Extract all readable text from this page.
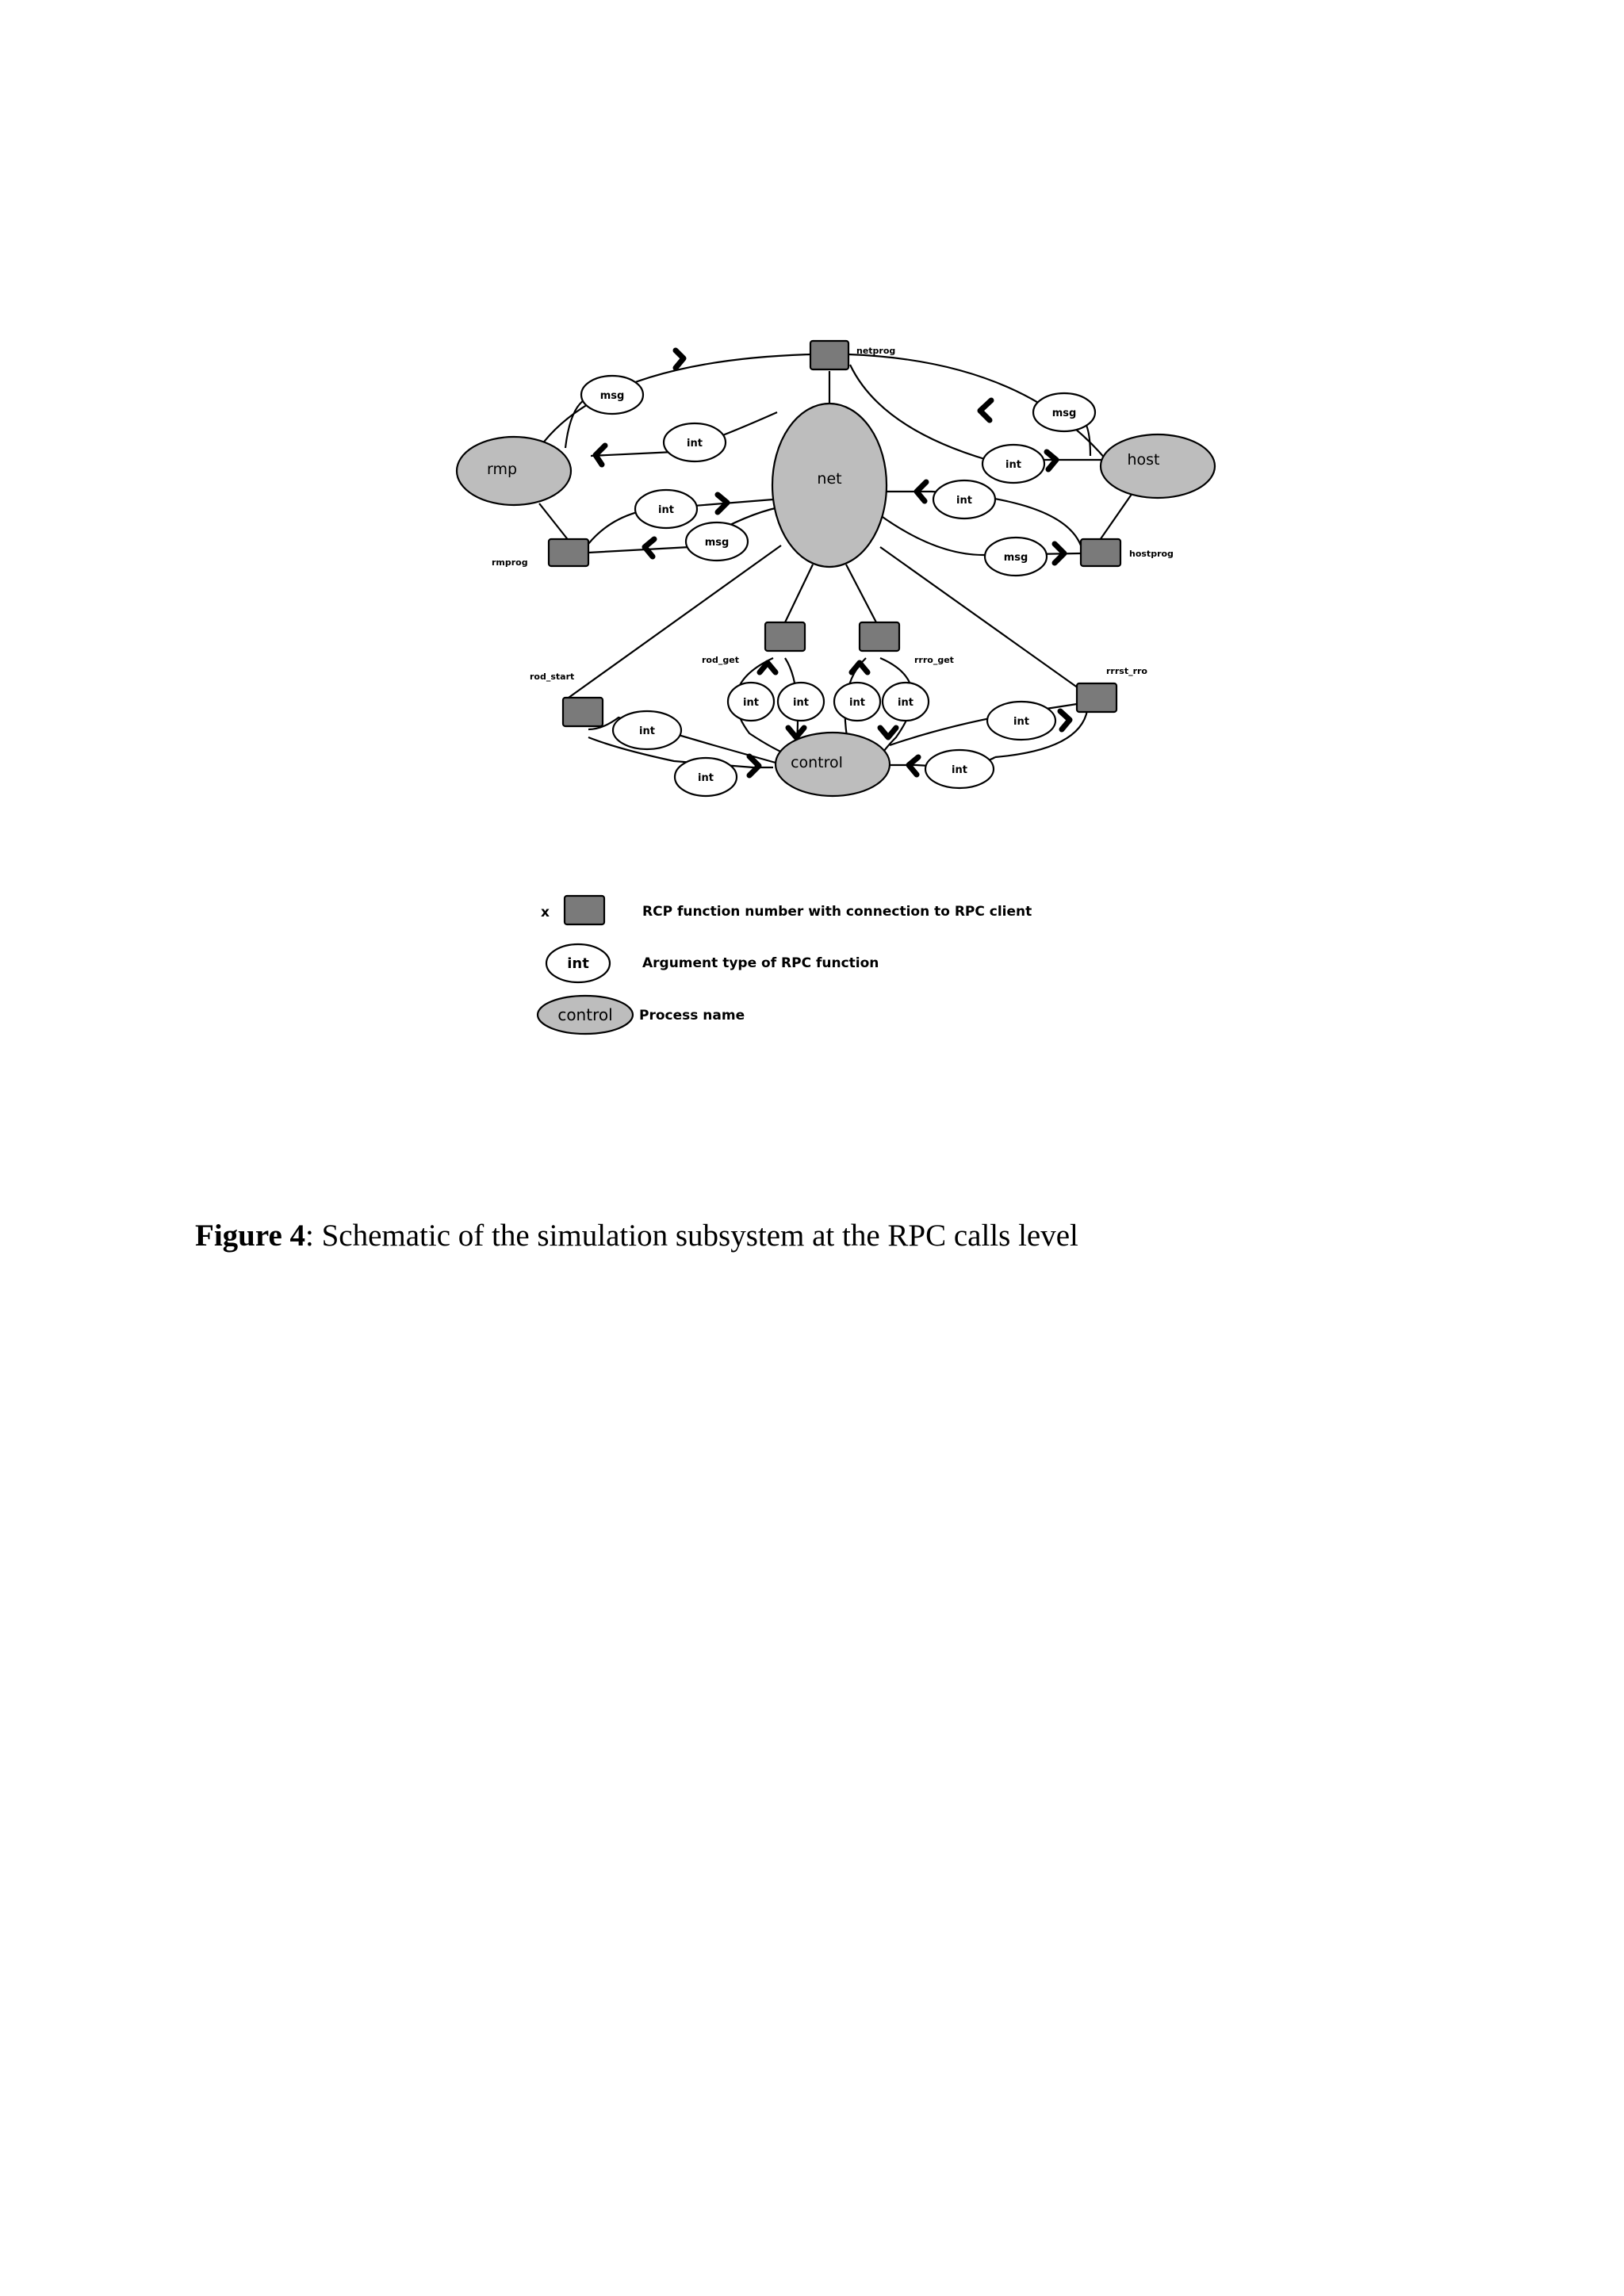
net
rmp
host
control
msg
int
msg
int
int
msg
int
msg
int	int	int	int
int
int
int
int
netprog
rmprog
hostprog
rod_get	rrro_get
rod_start
rrrst_rro
x	RCP function number with connection to RPC client
int	Argument type of RPC function
control Process name
Figure 4: Schematic of the simulation subsystem at the RPC calls level
